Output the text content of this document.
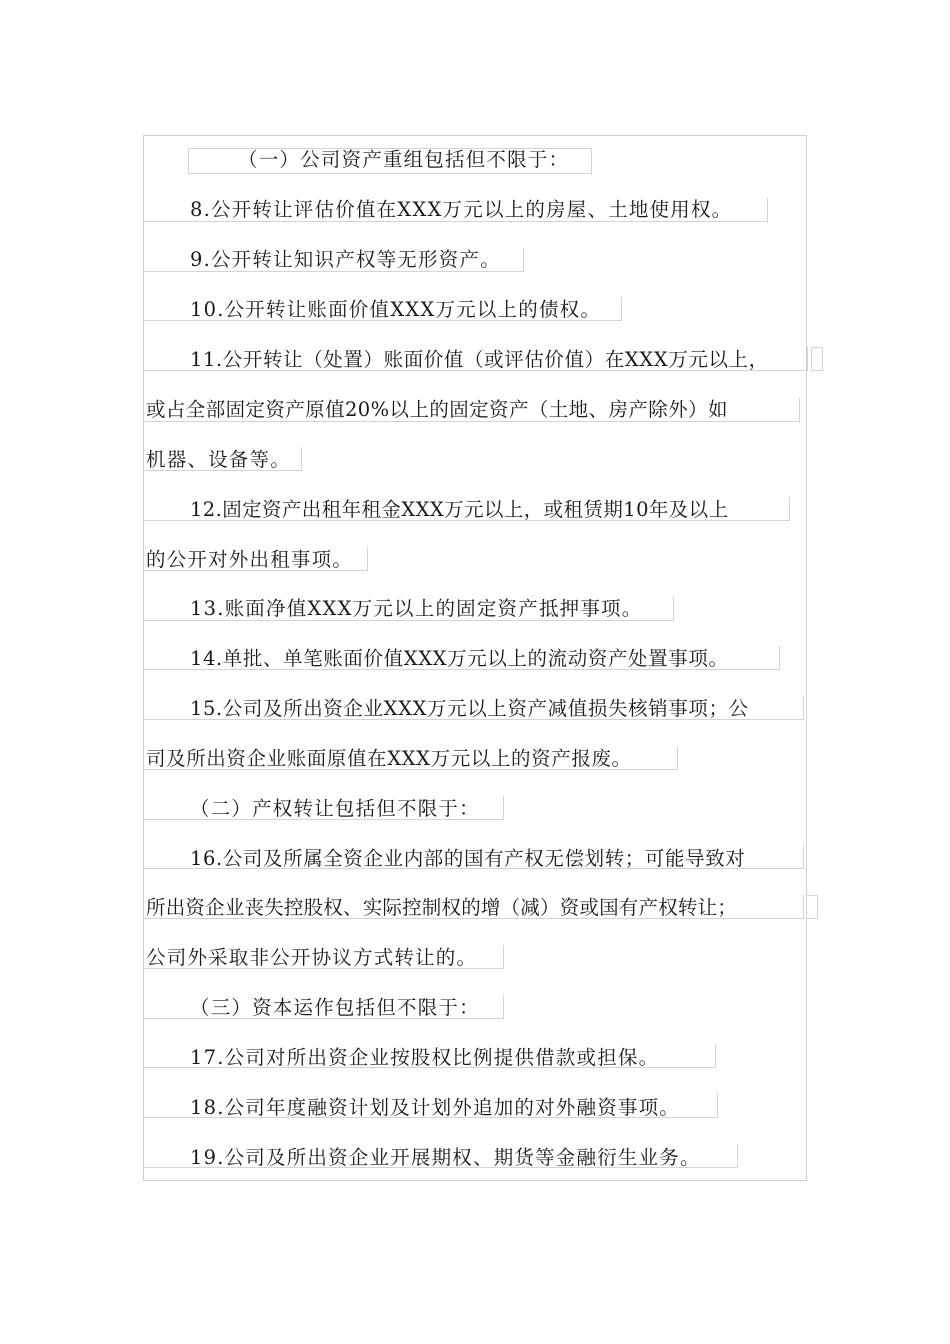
（一）公司资产重组包括但不限于：
8.公开转让评估价值在XXX万元以上的房屋、土地使用权。
9.公开转让知识产权等无形资产。
10.公开转让账面价值XXX万元以上的债权。
11.公开转让（处置）账面价值（或评估价值）在XXX万元以上，
或占全部固定资产原值20%以上的固定资产（土地、房产除外）如
机器、设备等。
12.固定资产出租年租金XXX万元以上，或租赁期10年及以上
的公开对外出租事项。
13.账面净值XXX万元以上的固定资产抵押事项。
14.单批、单笔账面价值XXX万元以上的流动资产处置事项。
15.公司及所出资企业XXX万元以上资产减值损失核销事项；公
司及所出资企业账面原值在XXX万元以上的资产报废。
（二）产权转让包括但不限于：
16.公司及所属全资企业内部的国有产权无偿划转；可能导致对
所出资企业丧失控股权、实际控制权的增（减）资或国有产权转让；
公司外采取非公开协议方式转让的。
（三）资本运作包括但不限于：
17.公司对所出资企业按股权比例提供借款或担保。
18.公司年度融资计划及计划外追加的对外融资事项。
19.公司及所出资企业开展期权、期货等金融衍生业务。
